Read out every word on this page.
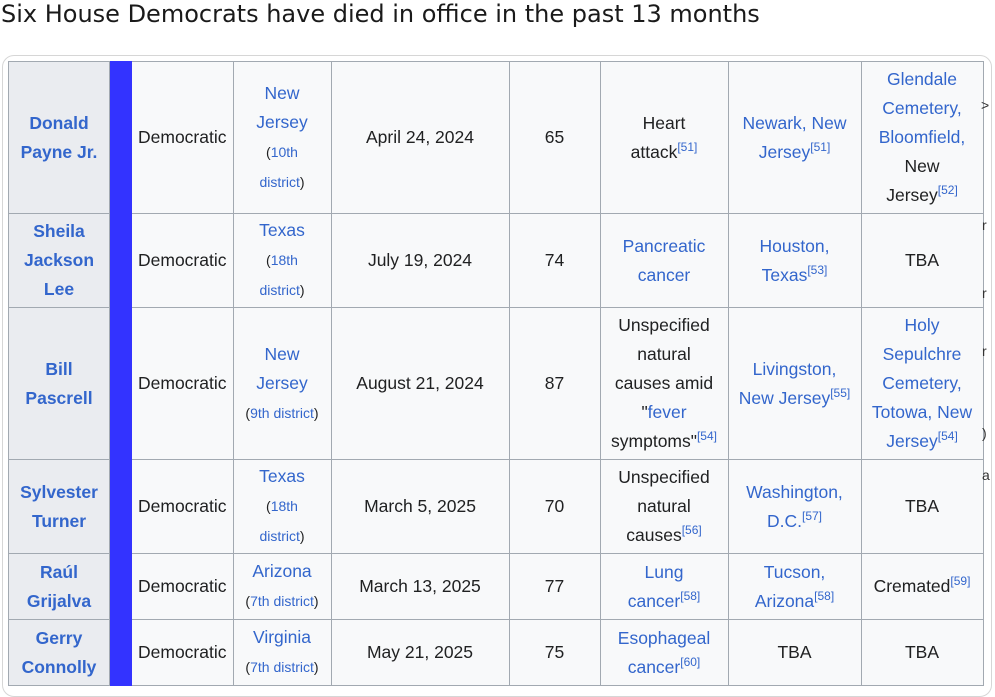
Six House Democrats have died in office in the past 13 months
Donald
Payne Jr.		Democratic	New
Jersey
(10th
district)	April 24, 2024	65	Heart
attack[51]	Newark, New
Jersey[51]	Glendale
Cemetery,
Bloomfield,
New
Jersey[52]
Sheila
Jackson
Lee		Democratic	Texas
(18th
district)	July 19, 2024	74	Pancreatic
cancer	Houston,
Texas[53]	TBA
Bill
Pascrell		Democratic	New
Jersey
(9th district)	August 21, 2024	87	Unspecified
natural
causes amid
"fever
symptoms"[54]	Livingston,
New Jersey[55]	Holy
Sepulchre
Cemetery,
Totowa, New
Jersey[54]
Sylvester
Turner		Democratic	Texas
(18th
district)	March 5, 2025	70	Unspecified
natural
causes[56]	Washington,
D.C.[57]	TBA
Raúl
Grijalva		Democratic	Arizona
(7th district)	March 13, 2025	77	Lung
cancer[58]	Tucson,
Arizona[58]	Cremated[59]
Gerry
Connolly		Democratic	Virginia
(7th district)	May 21, 2025	75	Esophageal
cancer[60]	TBA	TBA
>
r
r
r
)
a
